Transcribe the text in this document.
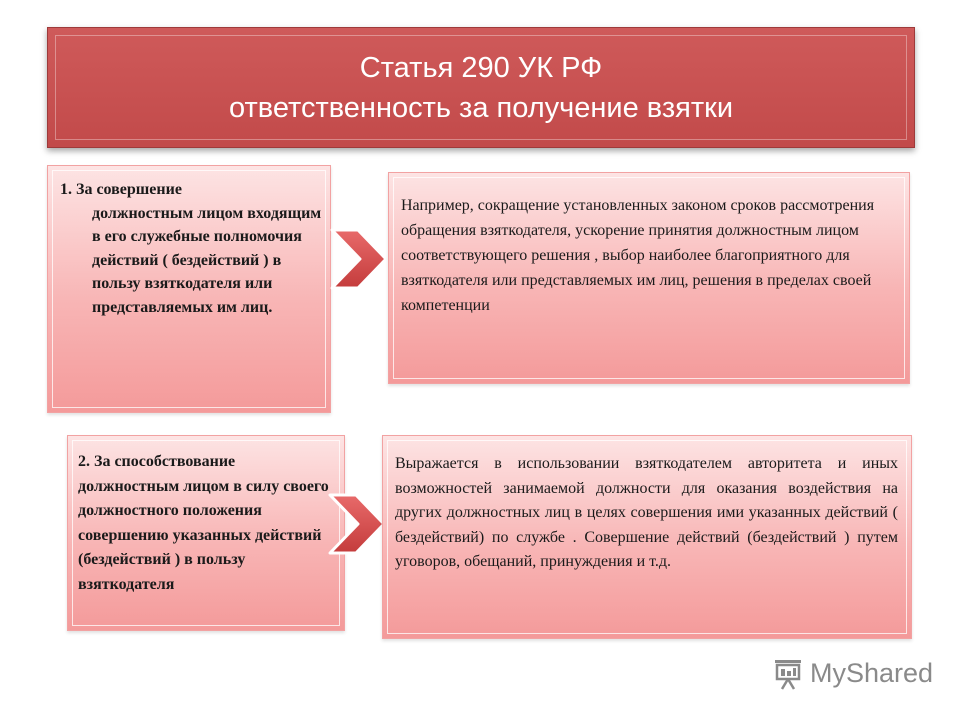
Статья 290 УК РФ
ответственность за получение взятки
1. За совершение
должностным лицом входящим в его служебные полномочия действий ( бездействий ) в пользу взяткодателя или представляемых им лиц.
Например, сокращение установленных законом сроков рассмотрения обращения взяткодателя, ускорение принятия должностным лицом соответствующего решения , выбор наиболее благоприятного для взяткодателя или представляемых им лиц, решения в пределах своей компетенции
2. За способствование должностным лицом в силу своего должностного положения совершению указанных действий (бездействий ) в пользу взяткодателя
Выражается в использовании взяткодателем авторитета и иных возможностей занимаемой должности для оказания воздействия на других должностных лиц в целях совершения ими указанных действий ( бездействий) по службе . Совершение действий (бездействий ) путем уговоров, обещаний, принуждения и т.д.
MyShared
